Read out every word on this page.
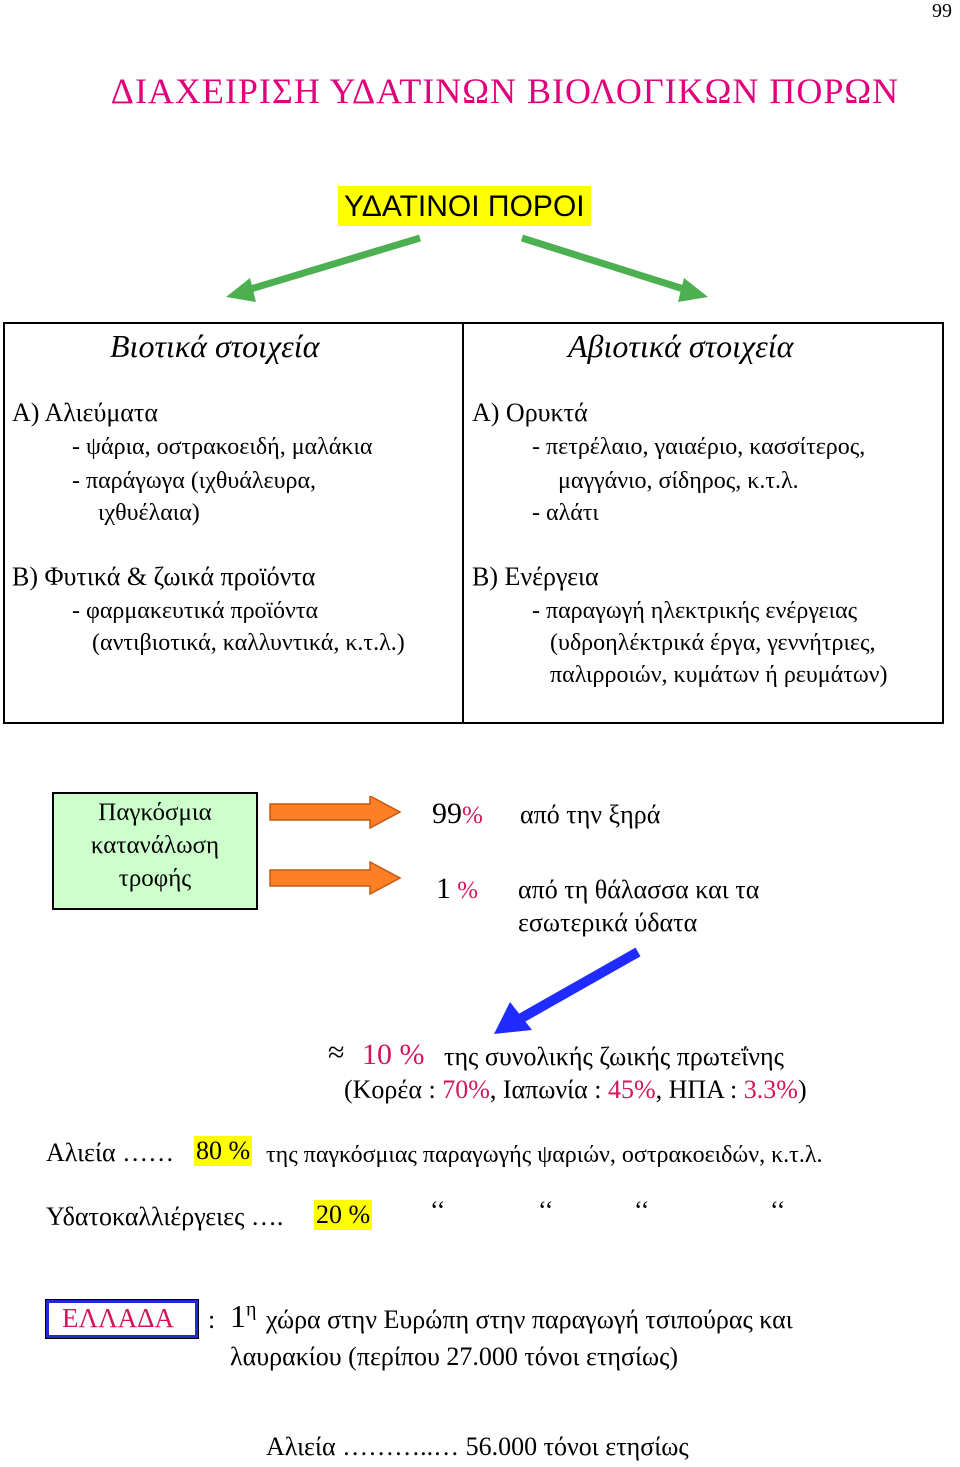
99
ΔΙΑΧΕΙΡΙΣΗ ΥΔΑΤΙΝΩΝ ΒΙΟΛΟΓΙΚΩΝ ΠΟΡΩΝ
ΥΔΑΤΙΝΟΙ ΠΟΡΟΙ
Βιοτικά στοιχεία
Α) Αλιεύματα
- ψάρια, οστρακοειδή, μαλάκια
- παράγωγα (ιχθυάλευρα,
ιχθυέλαια)
Β) Φυτικά & ζωικά προϊόντα
- φαρμακευτικά προϊόντα
(αντιβιοτικά, καλλυντικά, κ.τ.λ.)
Αβιοτικά στοιχεία
Α) Ορυκτά
- πετρέλαιο, γαιαέριο, κασσίτερος,
μαγγάνιο, σίδηρος, κ.τ.λ.
- αλάτι
Β) Ενέργεια
- παραγωγή ηλεκτρικής ενέργειας
(υδροηλέκτρικά έργα, γεννήτριες,
παλιρροιών, κυμάτων ή ρευμάτων)
Παγκόσμια
κατανάλωση
τροφής
99% από την ξηρά
1 % από τη θάλασσα και τα
εσωτερικά ύδατα
≈ 10 % της συνολικής ζωικής πρωτεΐνης
(Κορέα : 70%, Ιαπωνία : 45%, ΗΠΑ : 3.3%)
Αλιεία …… 80 % της παγκόσμιας παραγωγής ψαριών, οστρακοειδών, κ.τ.λ.
Υδατοκαλλιέργειες …. 20 % ‘‘	‘‘	‘‘	‘‘
ΕΛΛΑΔΑ : $1^\eta$ χώρα στην Ευρώπη στην παραγωγή τσιπούρας και
λαυρακίου (περίπου 27.000 τόνοι ετησίως)
Αλιεία ………..… 56.000 τόνοι ετησίως
